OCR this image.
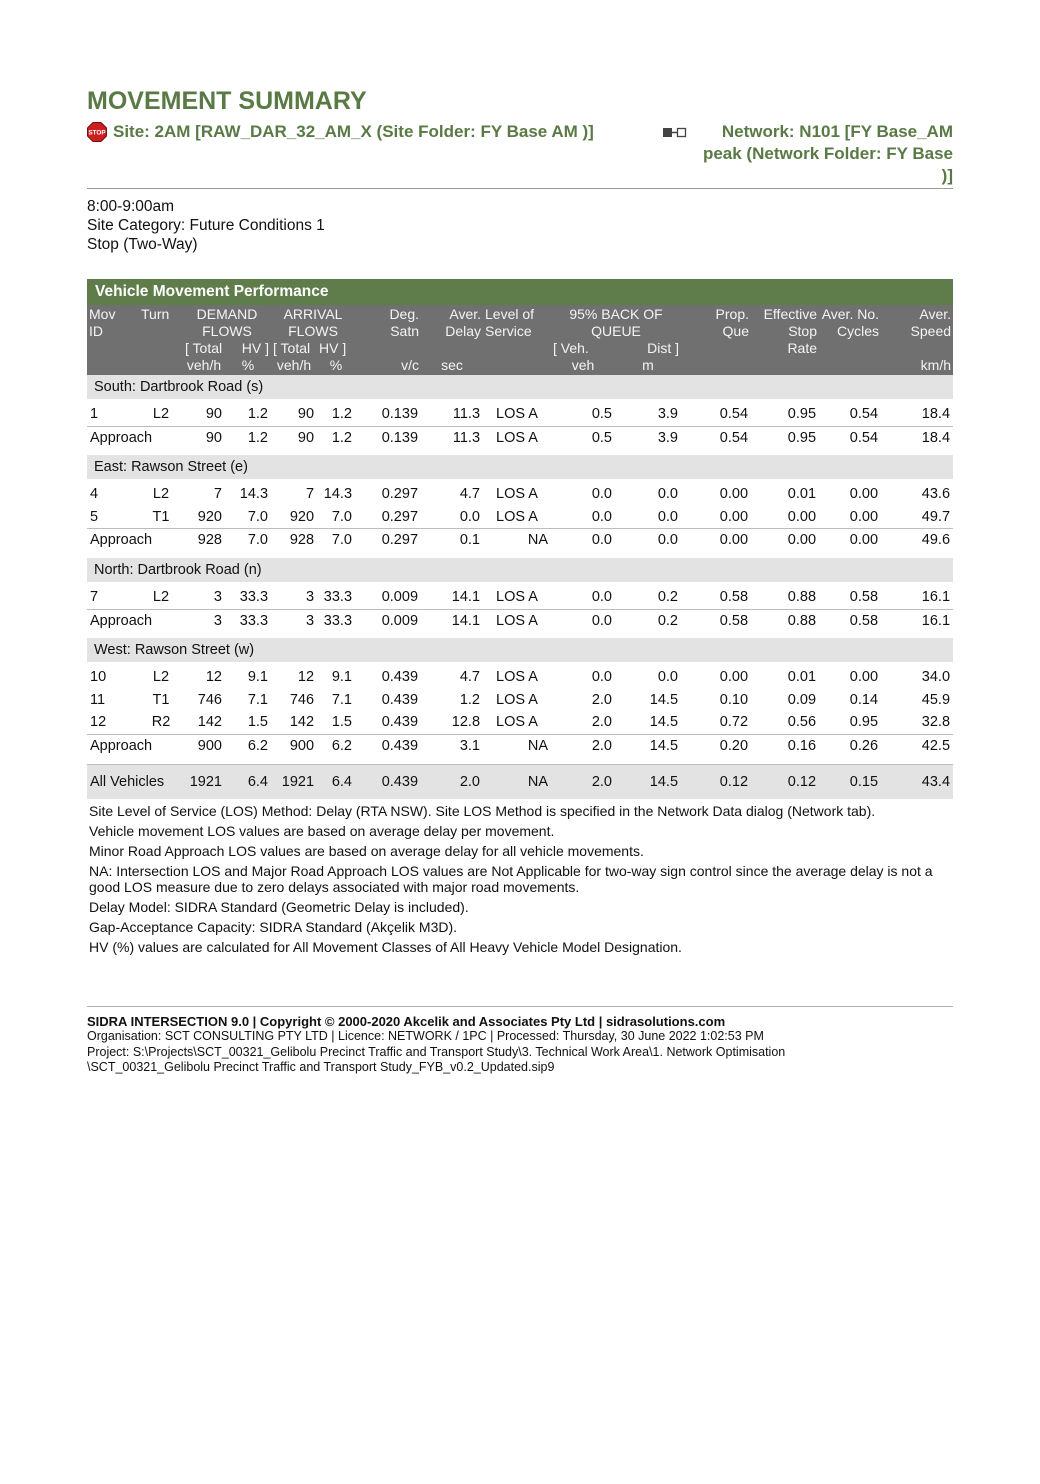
MOVEMENT SUMMARY
STOP Site: 2AM [RAW_DAR_32_AM_X (Site Folder: FY Base AM )]	Network: N101 [FY Base_AM peak (Network Folder: FY Base )]
8:00-9:00am
Site Category: Future Conditions 1
Stop (Two-Way)
Vehicle Movement Performance
Mov	Turn	DEMAND		ARRIVAL		Deg.	Aver.	Level of	95% BACK OF		Prop.	Effective	Aver. No.	Aver.
ID		FLOWS		FLOWS		Satn	Delay	Service	QUEUE		Que	Stop	Cycles	Speed
		[ Total	HV ]	[ Total	HV ]				[ Veh.	Dist ]		Rate		
		veh/h	%	veh/h	%	v/c	sec		veh	m				km/h
South: Dartbrook Road (s)														

1	L2	90	1.2	90	1.2	0.139	11.3	LOS A	0.5	3.9	0.54	0.95	0.54	18.4
Approach		90	1.2	90	1.2	0.139	11.3	LOS A	0.5	3.9	0.54	0.95	0.54	18.4

East: Rawson Street (e)														

4	L2	7	14.3	7	14.3	0.297	4.7	LOS A	0.0	0.0	0.00	0.01	0.00	43.6
5	T1	920	7.0	920	7.0	0.297	0.0	LOS A	0.0	0.0	0.00	0.00	0.00	49.7
Approach		928	7.0	928	7.0	0.297	0.1	NA	0.0	0.0	0.00	0.00	0.00	49.6

North: Dartbrook Road (n)														

7	L2	3	33.3	3	33.3	0.009	14.1	LOS A	0.0	0.2	0.58	0.88	0.58	16.1
Approach		3	33.3	3	33.3	0.009	14.1	LOS A	0.0	0.2	0.58	0.88	0.58	16.1

West: Rawson Street (w)														

10	L2	12	9.1	12	9.1	0.439	4.7	LOS A	0.0	0.0	0.00	0.01	0.00	34.0
11	T1	746	7.1	746	7.1	0.439	1.2	LOS A	2.0	14.5	0.10	0.09	0.14	45.9
12	R2	142	1.5	142	1.5	0.439	12.8	LOS A	2.0	14.5	0.72	0.56	0.95	32.8
Approach		900	6.2	900	6.2	0.439	3.1	NA	2.0	14.5	0.20	0.16	0.26	42.5

All Vehicles		1921	6.4	1921	6.4	0.439	2.0	NA	2.0	14.5	0.12	0.12	0.15	43.4

Site Level of Service (LOS) Method: Delay (RTA NSW). Site LOS Method is specified in the Network Data dialog (Network tab).

Vehicle movement LOS values are based on average delay per movement.

Minor Road Approach LOS values are based on average delay for all vehicle movements.

NA: Intersection LOS and Major Road Approach LOS values are Not Applicable for two-way sign control since the average delay is not a good LOS measure due to zero delays associated with major road movements.

Delay Model: SIDRA Standard (Geometric Delay is included).

Gap-Acceptance Capacity: SIDRA Standard (Akçelik M3D).

HV (%) values are calculated for All Movement Classes of All Heavy Vehicle Model Designation.

SIDRA INTERSECTION 9.0 | Copyright © 2000-2020 Akcelik and Associates Pty Ltd | sidrasolutions.com
Organisation: SCT CONSULTING PTY LTD | Licence: NETWORK / 1PC | Processed: Thursday, 30 June 2022 1:02:53 PM
Project: S:\Projects\SCT_00321_Gelibolu Precinct Traffic and Transport Study\3. Technical Work Area\1. Network Optimisation
\SCT_00321_Gelibolu Precinct Traffic and Transport Study_FYB_v0.2_Updated.sip9
